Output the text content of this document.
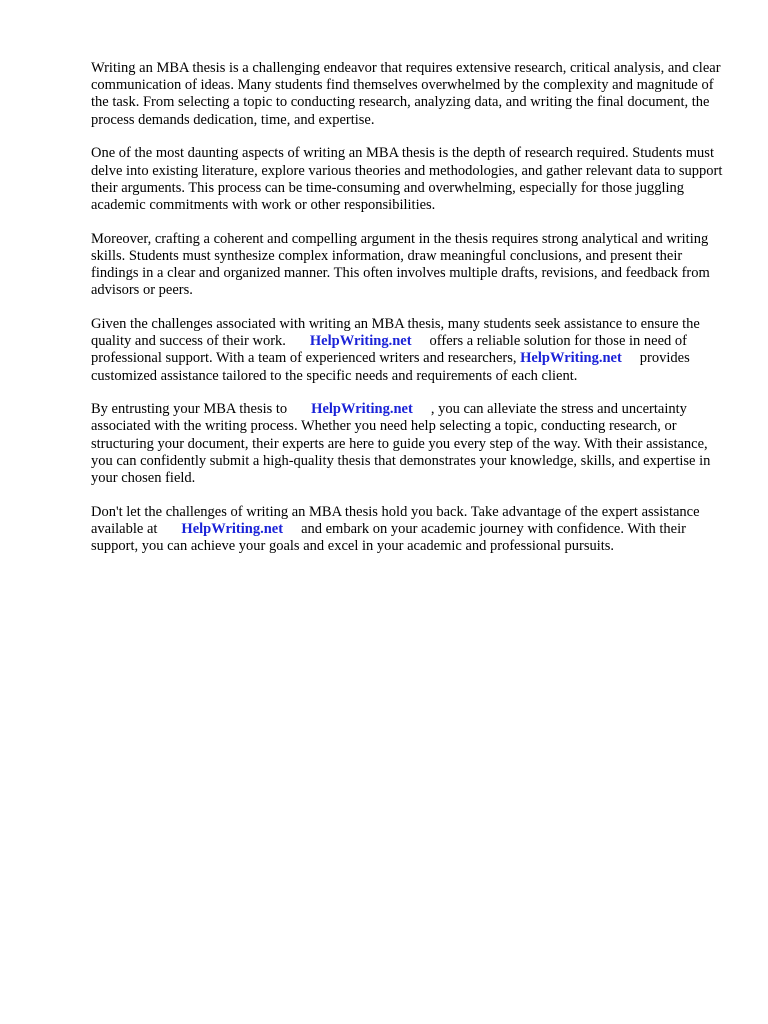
Writing an MBA thesis is a challenging endeavor that requires extensive research, critical analysis, and clear communication of ideas. Many students find themselves overwhelmed by the complexity and magnitude of the task. From selecting a topic to conducting research, analyzing data, and writing the final document, the process demands dedication, time, and expertise.

One of the most daunting aspects of writing an MBA thesis is the depth of research required. Students must delve into existing literature, explore various theories and methodologies, and gather relevant data to support their arguments. This process can be time-consuming and overwhelming, especially for those juggling academic commitments with work or other responsibilities.

Moreover, crafting a coherent and compelling argument in the thesis requires strong analytical and writing skills. Students must synthesize complex information, draw meaningful conclusions, and present their findings in a clear and organized manner. This often involves multiple drafts, revisions, and feedback from advisors or peers.

Given the challenges associated with writing an MBA thesis, many students seek assistance to ensure the quality and success of their work. HelpWriting.net offers a reliable solution for those in need of professional support. With a team of experienced writers and researchers, HelpWriting.net provides customized assistance tailored to the specific needs and requirements of each client.

By entrusting your MBA thesis to HelpWriting.net , you can alleviate the stress and uncertainty associated with the writing process. Whether you need help selecting a topic, conducting research, or structuring your document, their experts are here to guide you every step of the way. With their assistance, you can confidently submit a high-quality thesis that demonstrates your knowledge, skills, and expertise in your chosen field.

Don't let the challenges of writing an MBA thesis hold you back. Take advantage of the expert assistance available at HelpWriting.net and embark on your academic journey with confidence. With their support, you can achieve your goals and excel in your academic and professional pursuits.
